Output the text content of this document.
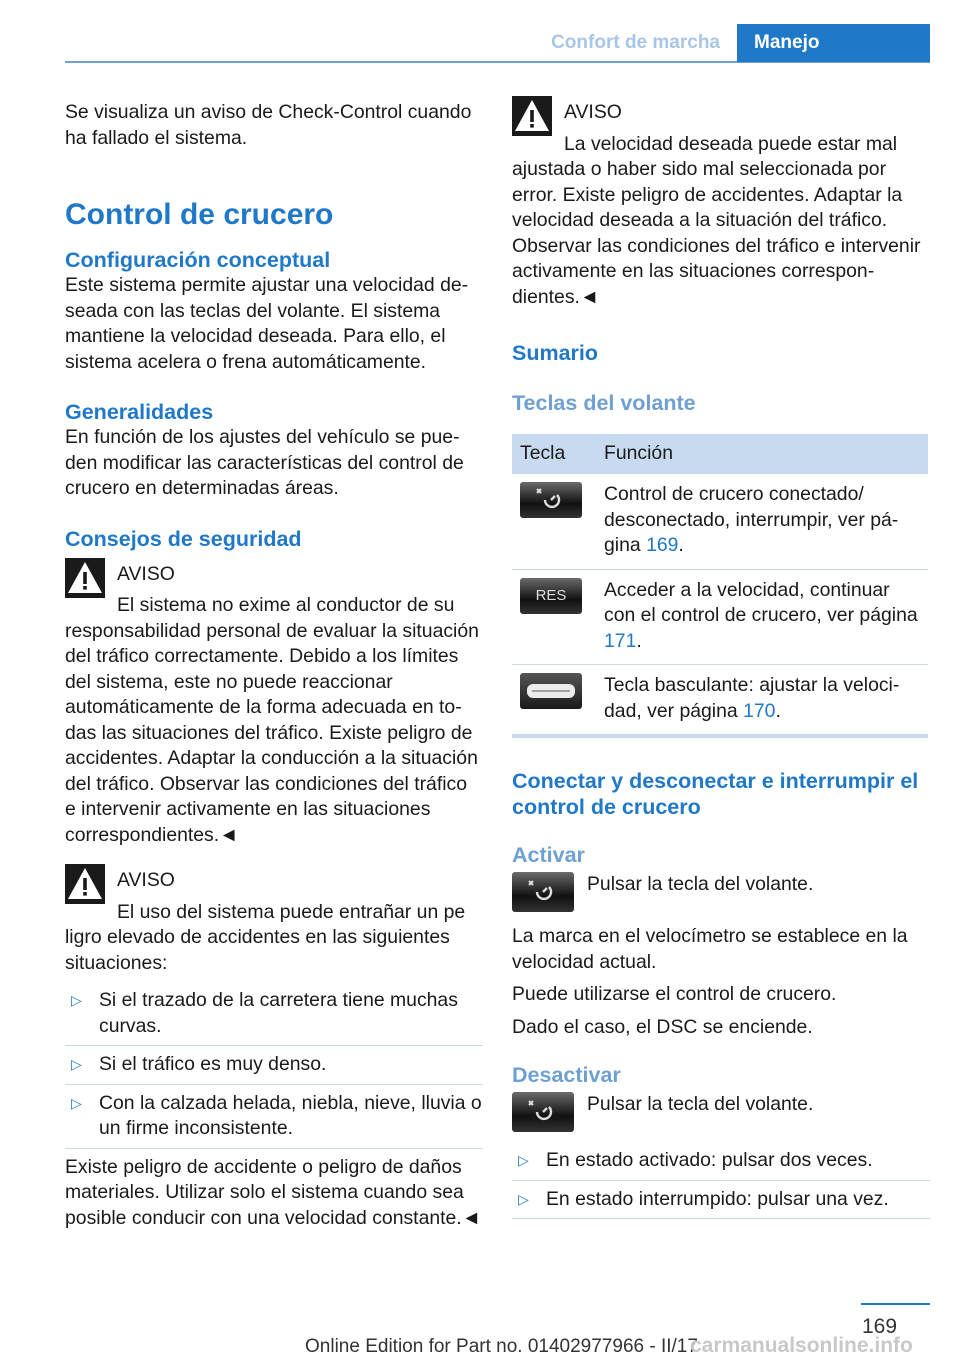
Confort de marcha	Manejo

Se visualiza un aviso de Check-Control cuando ha fallado el sistema.

Control de crucero
Configuración conceptual

Este sistema permite ajustar una velocidad deseada con las teclas del volante. El sistema mantiene la velocidad deseada. Para ello, el sistema acelera o frena automáticamente.

Generalidades

En función de los ajustes del vehículo se pueden modificar las características del control de crucero en determinadas áreas.

Consejos de seguridad

AVISO

El sistema no exime al conductor de su

responsabilidad personal de evaluar la situación del tráfico correctamente. Debido a los límites del sistema, este no puede reaccionar automáticamente de la forma adecuada en todas las situaciones del tráfico. Existe peligro de accidentes. Adaptar la conducción a la situación del tráfico. Observar las condiciones del tráfico e intervenir activamente en las situaciones correspondientes.◄

AVISO

El uso del sistema puede entrañar un pe

ligro elevado de accidentes en las siguientes situaciones:

▷ Si el trazado de la carretera tiene muchas curvas.
▷ Si el tráfico es muy denso.
▷ Con la calzada helada, niebla, nieve, lluvia o un firme inconsistente.

Existe peligro de accidente o peligro de daños materiales. Utilizar solo el sistema cuando sea posible conducir con una velocidad constante.◄

AVISO

La velocidad deseada puede estar mal

ajustada o haber sido mal seleccionada por error. Existe peligro de accidentes. Adaptar la velocidad deseada a la situación del tráfico. Observar las condiciones del tráfico e intervenir activamente en las situaciones correspondientes.◄

Sumario
Teclas del volante
Tecla	Función

	Control de crucero conectado/ desconectado, interrumpir, ver página 169.

RES	Acceder a la velocidad, continuar con el control de crucero, ver página 171.

	Tecla basculante: ajustar la velocidad, ver página 170.
Conectar y desconectar e interrumpir el control de crucero
Activar

Pulsar la tecla del volante.

La marca en el velocímetro se establece en la velocidad actual.

Puede utilizarse el control de crucero.

Dado el caso, el DSC se enciende.

Desactivar

Pulsar la tecla del volante.

▷ En estado activado: pulsar dos veces.
▷ En estado interrumpido: pulsar una vez.
169
Online Edition for Part no. 01402977966 - II/17
carmanualsonline.info
